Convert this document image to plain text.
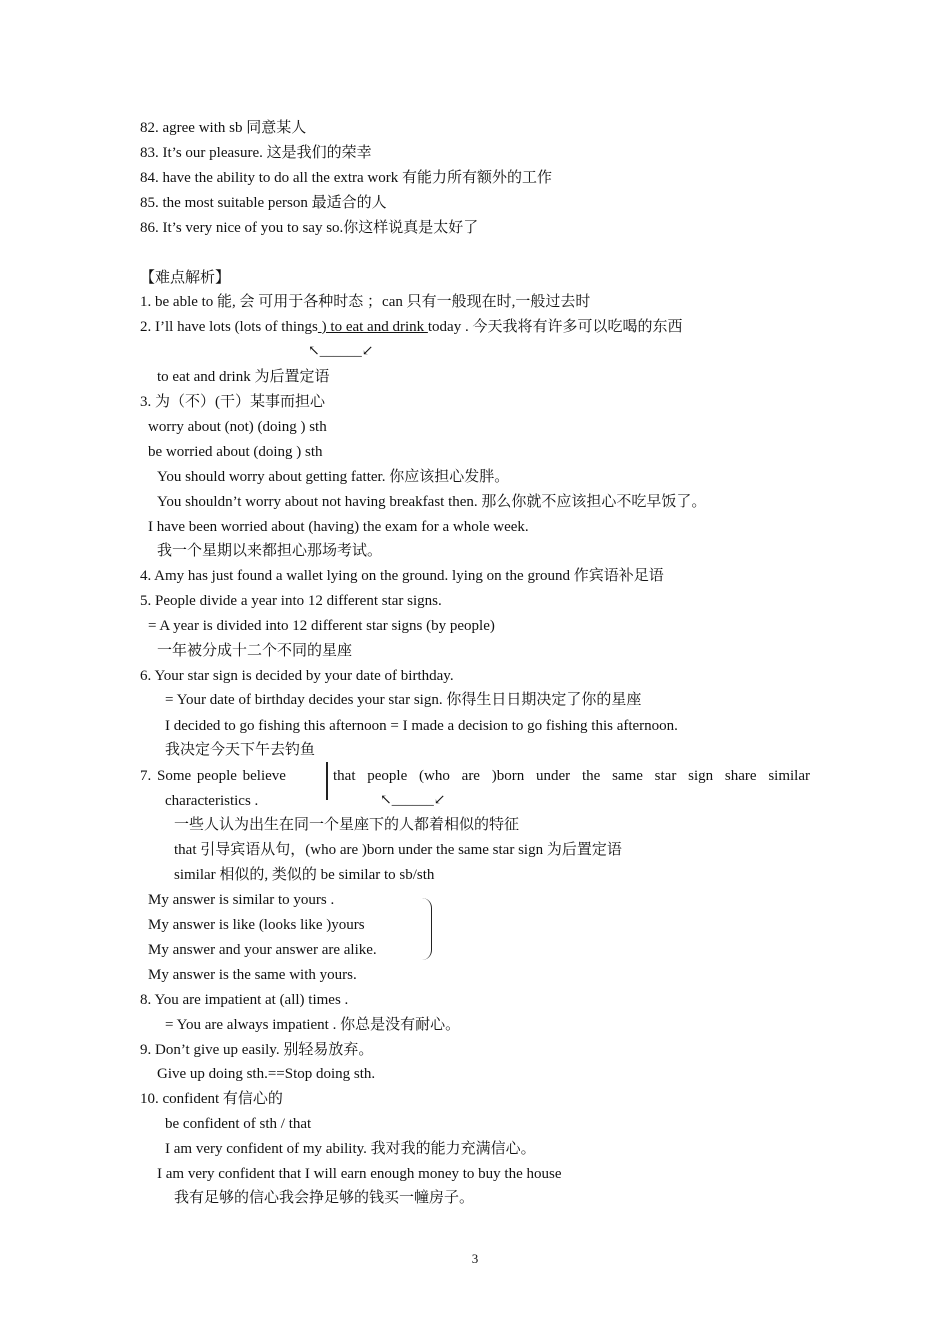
82. agree with sb 同意某人
83. It’s our pleasure. 这是我们的荣幸
84. have the ability to do all the extra work 有能力所有额外的工作
85. the most suitable person 最适合的人
86. It’s very nice of you to say so.你这样说真是太好了
【难点解析】
1. be able to 能, 会 可用于各种时态 ；can 只有一般现在时,一般过去时
2. I’ll have lots (lots of things ) to eat and drink today . 今天我将有许多可以吃喝的东西
↖______↙
to eat and drink 为后置定语
3. 为（不）(干）某事而担心
worry about (not) (doing ) sth
be worried about (doing ) sth
You should worry about getting fatter. 你应该担心发胖。
You shouldn’t worry about not having breakfast then. 那么你就不应该担心不吃早饭了。
I have been worried about (having) the exam for a whole week.
我一个星期以来都担心那场考试。
4. Amy has just found a wallet lying on the ground. lying on the ground 作宾语补足语
5. People divide a year into 12 different star signs.
= A year is divided into 12 different star signs (by people)
一年被分成十二个不同的星座
6. Your star sign is decided by your date of birthday.
= Your date of birthday decides your star sign. 你得生日日期决定了你的星座
I decided to go fishing this afternoon = I made a decision to go fishing this afternoon.
我决定今天下午去钓鱼
7. Some people believe	that people (who are )born under the same star sign share similar
characteristics .	↖______↙
一些人认为出生在同一个星座下的人都着相似的特征
that 引导宾语从句，(who are )born under the same star sign 为后置定语
similar 相似的, 类似的 be similar to sb/sth
My answer is similar to yours .
My answer is like (looks like )yours
My answer and your answer are alike.
My answer is the same with yours.
8. You are impatient at (all) times .
= You are always impatient . 你总是没有耐心。
9. Don’t give up easily. 别轻易放弃。
Give up doing sth.==Stop doing sth.
10. confident 有信心的
be confident of sth / that
I am very confident of my ability. 我对我的能力充满信心。
I am very confident that I will earn enough money to buy the house
我有足够的信心我会挣足够的钱买一幢房子。
3
